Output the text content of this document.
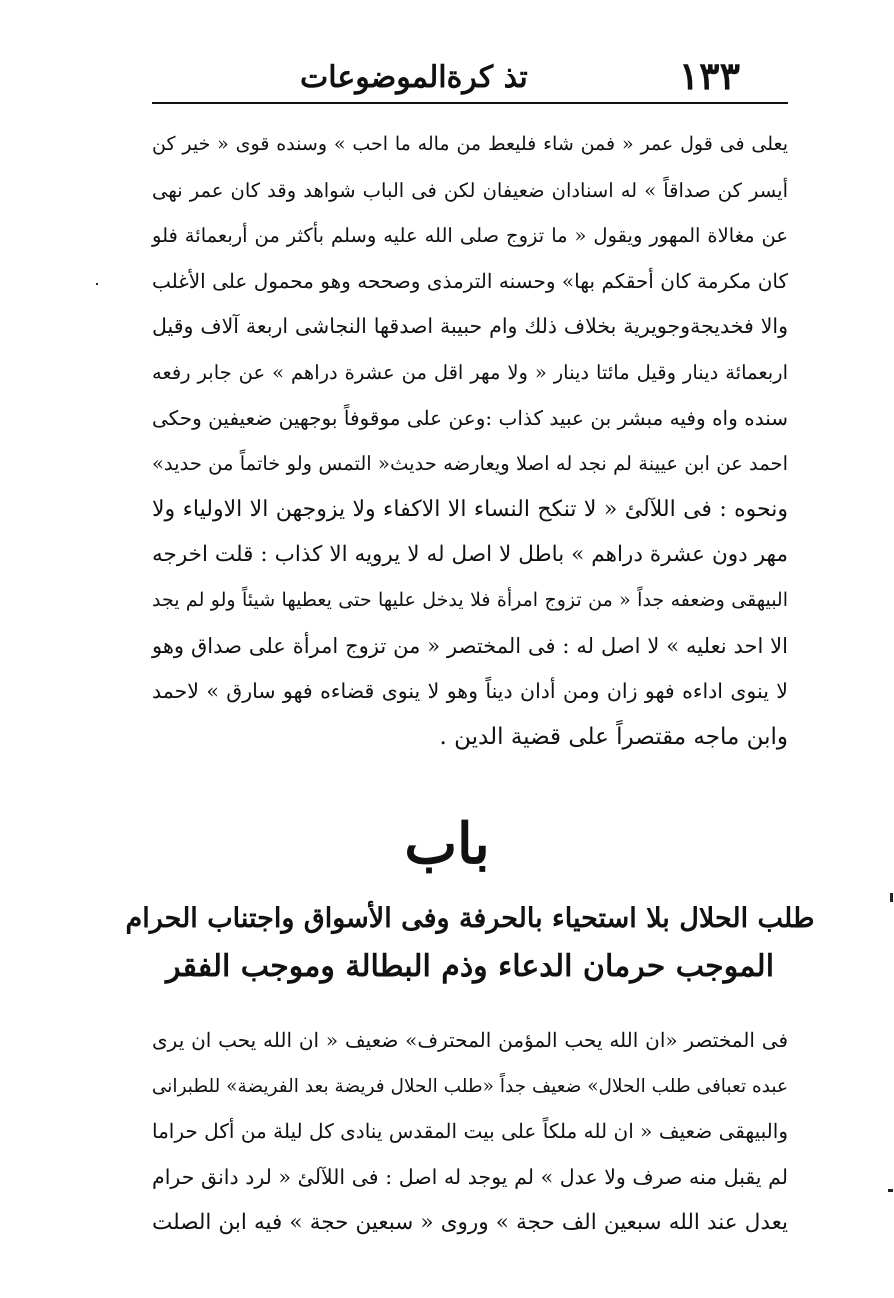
١٣٣
تذ كرةالموضوعات
يعلى فى قول عمر « فمن شاء فليعط من ماله ما احب » وسنده قوى « خير كن
أيسر كن صداقاً » له اسنادان ضعيفان لكن فى الباب شواهد وقد كان عمر نهى
عن مغالاة المهور ويقول « ما تزوج صلى الله عليه وسلم بأكثر من أربعمائة فلو
كان مكرمة كان أحقكم بها» وحسنه الترمذى وصححه وهو محمول على الأغلب
والا فخديجةوجويرية بخلاف ذلك وام حبيبة اصدقها النجاشى اربعة آلاف وقيل
اربعمائة دينار وقيل مائتا دينار « ولا مهر اقل من عشرة دراهم » عن جابر رفعه
سنده واه وفيه مبشر بن عبيد كذاب :وعن على موقوفاً بوجهين ضعيفين وحكى
احمد عن ابن عيينة لم نجد له اصلا ويعارضه حديث« التمس ولو خاتماً من حديد»
ونحوه : فى اللآلئ « لا تنكح النساء الا الاكفاء ولا يزوجهن الا الاولياء ولا
مهر دون عشرة دراهم » باطل لا اصل له لا يرويه الا كذاب : قلت اخرجه
البيهقى وضعفه جداً « من تزوج امرأة فلا يدخل عليها حتى يعطيها شيئاً ولو لم يجد
الا احد نعليه » لا اصل له : فى المختصر « من تزوج امرأة على صداق وهو
لا ينوى اداءه فهو زان ومن أدان ديناً وهو لا ينوى قضاءه فهو سارق » لاحمد
وابن ماجه مقتصراً على قضية الدين .
باب
طلب الحلال بلا استحياء بالحرفة وفى الأسواق واجتناب الحرام
الموجب حرمان الدعاء وذم البطالة وموجب الفقر
فى المختصر «ان الله يحب المؤمن المحترف» ضعيف « ان الله يحب ان يرى
عبده تعبافى طلب الحلال» ضعيف جداً «طلب الحلال فريضة بعد الفريضة» للطبرانى
والبيهقى ضعيف « ان لله ملكاً على بيت المقدس ينادى كل ليلة من أكل حراما
لم يقبل منه صرف ولا عدل » لم يوجد له اصل : فى اللآلئ « لرد دانق حرام
يعدل عند الله سبعين الف حجة » وروى « سبعين حجة » فيه ابن الصلت
